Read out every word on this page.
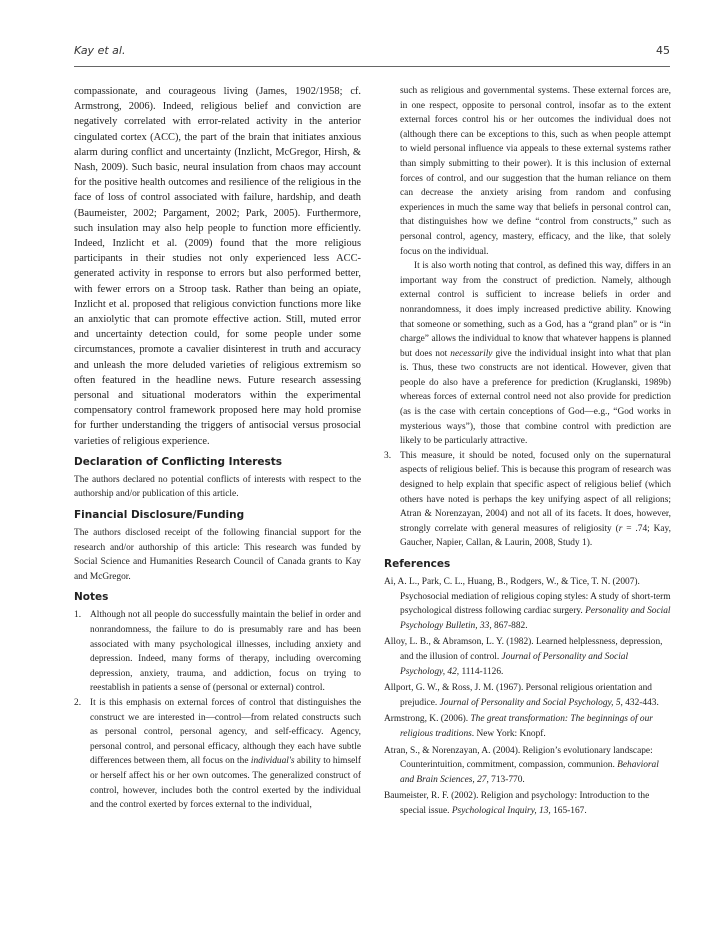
Kay et al.	45

compassionate, and courageous living (James, 1902/1958; cf. Armstrong, 2006). Indeed, religious belief and conviction are negatively correlated with error-related activity in the anterior cingulated cortex (ACC), the part of the brain that initiates anxious alarm during conflict and uncertainty (Inzlicht, McGregor, Hirsh, & Nash, 2009). Such basic, neural insulation from chaos may account for the positive health outcomes and resilience of the religious in the face of loss of control associated with failure, hardship, and death (Baumeister, 2002; Pargament, 2002; Park, 2005). Furthermore, such insulation may also help people to function more efficiently. Indeed, Inzlicht et al. (2009) found that the more religious participants in their studies not only experienced less ACC-generated activity in response to errors but also performed better, with fewer errors on a Stroop task. Rather than being an opiate, Inzlicht et al. proposed that religious conviction functions more like an anxiolytic that can promote effective action. Still, muted error and uncertainty detection could, for some people under some circumstances, promote a cavalier disinterest in truth and accuracy and unleash the more deluded varieties of religious extremism so often featured in the headline news. Future research assessing personal and situational moderators within the experimental compensatory control framework proposed here may hold promise for further understanding the triggers of antisocial versus prosocial varieties of religious experience.

Declaration of Conflicting Interests

The authors declared no potential conflicts of interests with respect to the authorship and/or publication of this article.

Financial Disclosure/Funding

The authors disclosed receipt of the following financial support for the research and/or authorship of this article: This research was funded by Social Science and Humanities Research Council of Canada grants to Kay and McGregor.

Notes
1. Although not all people do successfully maintain the belief in order and nonrandomness, the failure to do is presumably rare and has been associated with many psychological illnesses, including anxiety and depression. Indeed, many forms of therapy, including overcoming depression, anxiety, trauma, and addiction, focus on trying to reestablish in patients a sense of (personal or external) control.
2. It is this emphasis on external forces of control that distinguishes the construct we are interested in—control—from related constructs such as personal control, personal agency, and self-efficacy. Agency, personal control, and personal efficacy, although they each have subtle differences between them, all focus on the individual's ability to himself or herself affect his or her own outcomes. The generalized construct of control, however, includes both the control exerted by the individual and the control exerted by forces external to the individual,

such as religious and governmental systems. These external forces are, in one respect, opposite to personal control, insofar as to the extent external forces control his or her outcomes the individual does not (although there can be exceptions to this, such as when people attempt to wield personal influence via appeals to these external systems rather than simply submitting to their power). It is this inclusion of external forces of control, and our suggestion that the human reliance on them can decrease the anxiety arising from random and confusing experiences in much the same way that beliefs in personal control can, that distinguishes how we define “control from constructs,” such as personal control, agency, mastery, efficacy, and the like, that solely focus on the individual.

It is also worth noting that control, as defined this way, differs in an important way from the construct of prediction. Namely, although external control is sufficient to increase beliefs in order and nonrandomness, it does imply increased predictive ability. Knowing that someone or something, such as a God, has a “grand plan” or is “in charge” allows the individual to know that whatever happens is planned but does not necessarily give the individual insight into what that plan is. Thus, these two constructs are not identical. However, given that people do also have a preference for prediction (Kruglanski, 1989b) whereas forces of external control need not also provide for prediction (as is the case with certain conceptions of God—e.g., “God works in mysterious ways”), those that combine control with prediction are likely to be particularly attractive.

3. This measure, it should be noted, focused only on the supernatural aspects of religious belief. This is because this program of research was designed to help explain that specific aspect of religious belief (which others have noted is perhaps the key unifying aspect of all religions; Atran & Norenzayan, 2004) and not all of its facets. It does, however, strongly correlate with general measures of religiosity (r = .74; Kay, Gaucher, Napier, Callan, & Laurin, 2008, Study 1).
References
Ai, A. L., Park, C. L., Huang, B., Rodgers, W., & Tice, T. N. (2007). Psychosocial mediation of religious coping styles: A study of short-term psychological distress following cardiac surgery. Personality and Social Psychology Bulletin, 33, 867-882.
Alloy, L. B., & Abramson, L. Y. (1982). Learned helplessness, depression, and the illusion of control. Journal of Personality and Social Psychology, 42, 1114-1126.
Allport, G. W., & Ross, J. M. (1967). Personal religious orientation and prejudice. Journal of Personality and Social Psychology, 5, 432-443.
Armstrong, K. (2006). The great transformation: The beginnings of our religious traditions. New York: Knopf.
Atran, S., & Norenzayan, A. (2004). Religion’s evolutionary landscape: Counterintuition, commitment, compassion, communion. Behavioral and Brain Sciences, 27, 713-770.
Baumeister, R. F. (2002). Religion and psychology: Introduction to the special issue. Psychological Inquiry, 13, 165-167.
